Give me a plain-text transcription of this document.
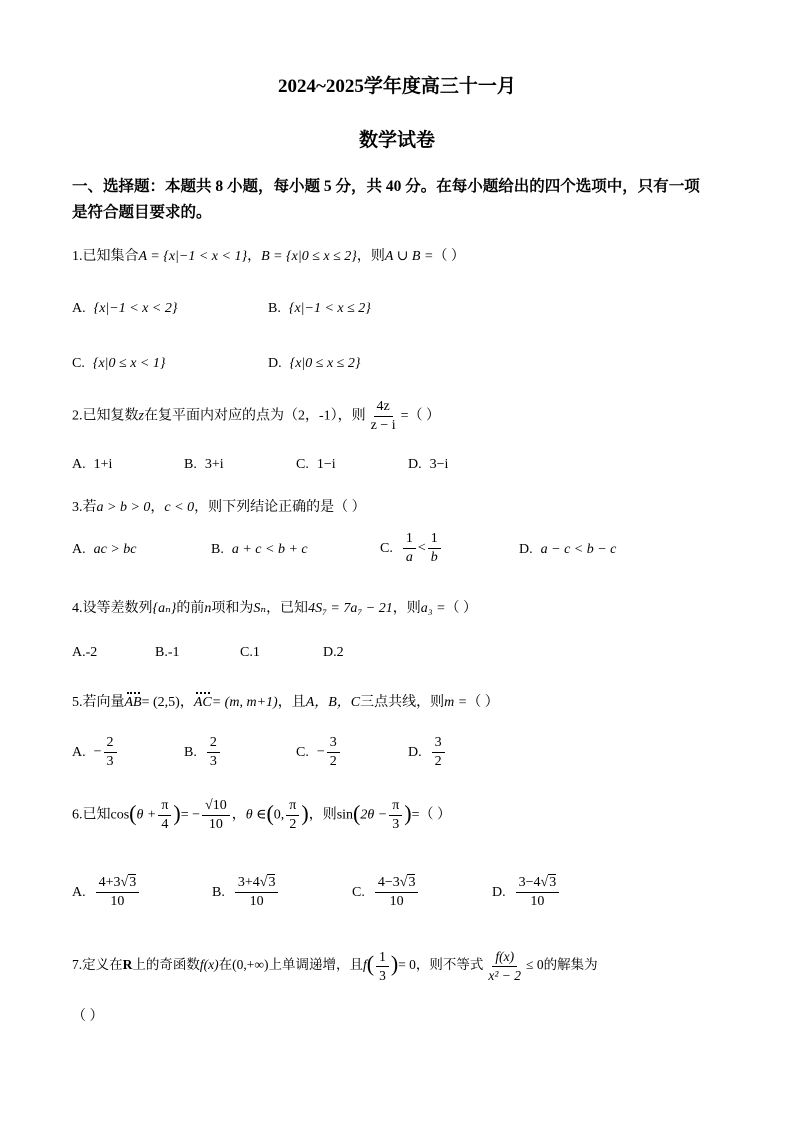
2024~2025学年度高三十一月
数学试卷
一、选择题：本题共 8 小题，每小题 5 分，共 40 分。在每小题给出的四个选项中，只有一项
是符合题目要求的。
1.已知集合A = {x|−1 < x < 1}，B = {x|0 ≤ x ≤ 2}，则A ∪ B =（ ）
A. {x|−1 < x < 2}	B. {x|−1 < x ≤ 2}
C. {x|0 ≤ x < 1}	D. {x|0 ≤ x ≤ 2}
2.已知复数z在复平面内对应的点为（2，-1），则 $\frac{4z}{z - i}$ =（ ）
A. 1+i	B. 3+i	C. 1−i	D. 3−i
3.若a > b > 0，c < 0，则下列结论正确的是（ ）
A. ac > bc	B. a + c < b + c	C. $\frac{1}{a} < \frac{1}{b}$	D. a − c < b − c
4.设等差数列{aₙ}的前n项和为Sₙ，已知4S₇ = 7a₇ − 21，则a₃ =（ ）
A.-2	B.-1	C.1	D.2
5.若向量AB= (2,5)，AC= (m, m+1)，且A，B，C三点共线，则m =（ ）
A. − $\frac{2}{3}$	B. $\frac{2}{3}$	C. − $\frac{3}{2}$	D. $\frac{3}{2}$
6.已知$\cos(\theta + \frac{\pi}{4}$ )= − $\frac{√10}{10}$ ，θ ∈(0, $\frac{\pi}{2}$ )，则$\sin(2\theta - \frac{\pi}{3}$ )=（ ）
A. $\frac{4+3√3}{10}$	B. $\frac{3+4√3}{10}$	C. $\frac{4-3√3}{10}$	D. $\frac{3-4√3}{10}$
7.定义在R上的奇函数f(x)在(0,+∞)上单调递增，且$f( \frac{1}{3}$ )= 0，则不等式 $\frac{f(x)}{\text{x² − 2}} \le 0$的解集为
（ ）
